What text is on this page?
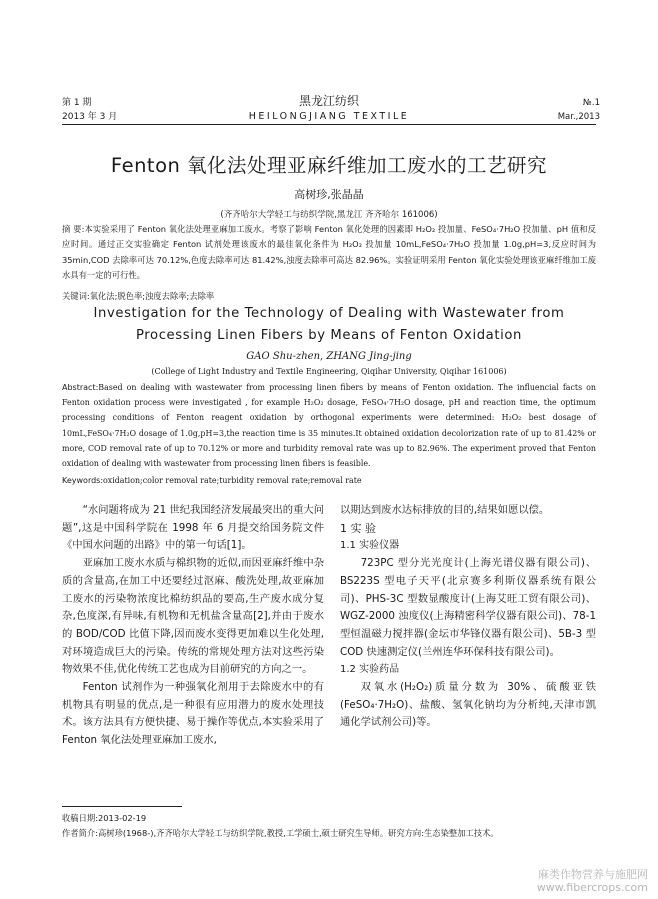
第 1 期
2013 年 3 月
黑龙江纺织
HEILONGJIANG TEXTILE
№.1
Mar.,2013
Fenton 氧化法处理亚麻纤维加工废水的工艺研究
高树珍,张晶晶
(齐齐哈尔大学轻工与纺织学院,黑龙江 齐齐哈尔 161006)
摘 要:本实验采用了 Fenton 氧化法处理亚麻加工废水。考察了影响 Fenton 氧化处理的因素即 H₂O₂ 投加量、FeSO₄·7H₂O 投加量、pH 值和反应时间。通过正交实验确定 Fenton 试剂处理该废水的最佳氧化条件为 H₂O₂ 投加量 10mL,FeSO₄·7H₂O 投加量 1.0g,pH=3,反应时间为 35min,COD 去除率可达 70.12%,色度去除率可达 81.42%,浊度去除率可高达 82.96%。实验证明采用 Fenton 氧化实验处理该亚麻纤维加工废水具有一定的可行性。
关键词:氧化法;脱色率;浊度去除率;去除率
Investigation for the Technology of Dealing with Wastewater from
Processing Linen Fibers by Means of Fenton Oxidation
GAO Shu-zhen, ZHANG Jing-jing
(College of Light Industry and Textile Engineering, Qiqihar University, Qiqihar 161006)
Abstract:Based on dealing with wastewater from processing linen fibers by means of Fenton oxidation. The influencial facts on Fenton oxidation process were investigated , for example H₂O₂ dosage, FeSO₄·7H₂O dosage, pH and reaction time, the optimum processing conditions of Fenton reagent oxidation by orthogonal experiments were determined: H₂O₂ best dosage of 10mL,FeSO₄·7H₂O dosage of 1.0g,pH=3,the reaction time is 35 minutes.It obtained oxidation decolorization rate of up to 81.42% or more, COD removal rate of up to 70.12% or more and turbidity removal rate was up to 82.96%. The experiment proved that Fenton oxidation of dealing with wastewater from processing linen fibers is feasible.
Keywords:oxidation;color removal rate;turbidity removal rate;removal rate

“水问题将成为 21 世纪我国经济发展最突出的重大问题”,这是中国科学院在 1998 年 6 月提交给国务院文件《中国水问题的出路》中的第一句话[1]。

亚麻加工废水水质与棉织物的近似,而因亚麻纤维中杂质的含量高,在加工中还要经过沤麻、酸洗处理,故亚麻加工废水的污染物浓度比棉纺织品的要高,生产废水成分复杂,色度深,有异味,有机物和无机盐含量高[2],并由于废水的 BOD/COD 比值下降,因而废水变得更加难以生化处理,对环境造成巨大的污染。传统的常规处理方法对这些污染物效果不佳,优化传统工艺也成为目前研究的方向之一。

Fenton 试剂作为一种强氧化剂用于去除废水中的有机物具有明显的优点,是一种很有应用潜力的废水处理技术。该方法具有方便快捷、易于操作等优点,本实验采用了 Fenton 氧化法处理亚麻加工废水,

以期达到废水达标排放的目的,结果如愿以偿。

1 实 验

1.1 实验仪器

723PC 型分光光度计(上海光谱仪器有限公司)、BS223S 型电子天平(北京赛多利斯仪器系统有限公司)、PHS-3C 型数显酸度计(上海艾旺工贸有限公司)、WGZ-2000 浊度仪(上海精密科学仪器有限公司)、78-1 型恒温磁力搅拌器(金坛市华锋仪器有限公司)、5B-3 型 COD 快速测定仪(兰州连华环保科技有限公司)。

1.2 实验药品

双氧水(H₂O₂)质量分数为 30%、硫酸亚铁(FeSO₄·7H₂O)、盐酸、氢氧化钠均为分析纯,天津市凯通化学试剂公司)等。

收稿日期:2013-02-19
作者简介:高树珍(1968-),齐齐哈尔大学轻工与纺织学院,教授,工学硕士,硕士研究生导师。研究方向:生态染整加工技术。
麻类作物营养与施肥网
www.fibercrops.com
